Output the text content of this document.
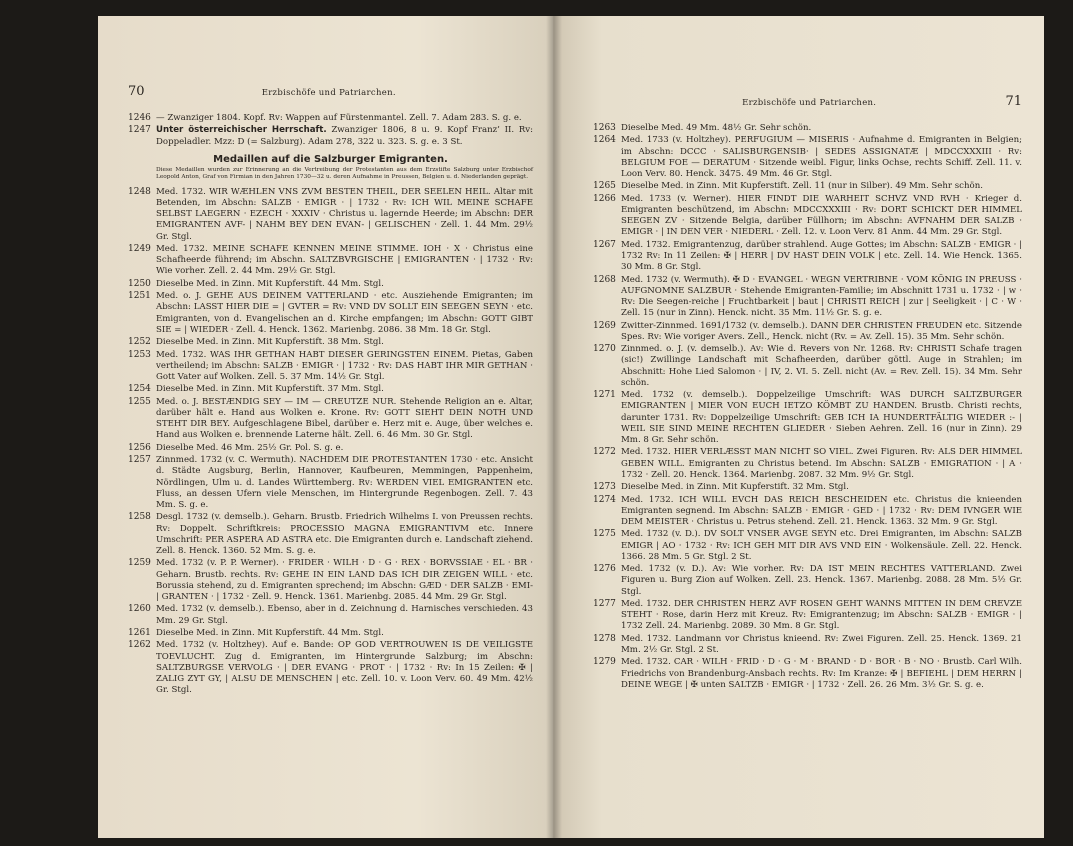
70	Erzbischöfe und Patriarchen.
1246 — Zwanziger 1804. Kopf. Rv: Wappen auf Fürstenmantel. Zell. 7. Adam 283. S. g. e.
1247 Unter österreichischer Herrschaft. Zwanziger 1806, 8 u. 9. Kopf Franz’ II. Rv: Doppeladler. Mzz: D (= Salzburg). Adam 278, 322 u. 323. S. g. e. 3 St.
Medaillen auf die Salzburger Emigranten.
Diese Medaillen wurden zur Erinnerung an die Vertreibung der Protestanten aus dem Erzstifte Salzburg unter Erzbischof Leopold Anton, Graf von Firmian in den Jahren 1730—32 u. deren Aufnahme in Preussen, Belgien u. d. Niederlanden geprägt.
1248 Med. 1732. WIR WÆHLEN VNS ZVM BESTEN THEIL, DER SEELEN HEIL. Altar mit Betenden, im Abschn: SALZB · EMIGR · | 1732 · Rv: ICH WIL MEINE SCHAFE SELBST LAEGERN · EZECH · XXXIV · Christus u. lagernde Heerde; im Abschn: DER EMIGRANTEN AVF- | NAHM BEY DEN EVAN- | GELISCHEN · Zell. 1. 44 Mm. 29½ Gr. Stgl.
1249 Med. 1732. MEINE SCHAFE KENNEN MEINE STIMME. IOH · X · Christus eine Schafheerde führend; im Abschn. SALTZBVRGISCHE | EMIGRANTEN · | 1732 · Rv: Wie vorher. Zell. 2. 44 Mm. 29½ Gr. Stgl.
1250 Dieselbe Med. in Zinn. Mit Kupferstift. 44 Mm. Stgl.
1251 Med. o. J. GEHE AUS DEINEM VATTERLAND · etc. Ausziehende Emigranten; im Abschn: LASST HIER DIE = | GVTER = Rv: VND DV SOLLT EIN SEEGEN SEYN · etc. Emigranten, von d. Evangelischen an d. Kirche empfangen; im Abschn: GOTT GIBT SIE = | WIEDER · Zell. 4. Henck. 1362. Marienbg. 2086. 38 Mm. 18 Gr. Stgl.
1252 Dieselbe Med. in Zinn. Mit Kupferstift. 38 Mm. Stgl.
1253 Med. 1732. WAS IHR GETHAN HABT DIESER GERINGSTEN EINEM. Pietas, Gaben vertheilend; im Abschn: SALZB · EMIGR · | 1732 · Rv: DAS HABT IHR MIR GETHAN · Gott Vater auf Wolken. Zell. 5. 37 Mm. 14½ Gr. Stgl.
1254 Dieselbe Med. in Zinn. Mit Kupferstift. 37 Mm. Stgl.
1255 Med. o. J. BESTÆNDIG SEY — IM — CREUTZE NUR. Stehende Religion an e. Altar, darüber hält e. Hand aus Wolken e. Krone. Rv: GOTT SIEHT DEIN NOTH UND STEHT DIR BEY. Aufgeschlagene Bibel, darüber e. Herz mit e. Auge, über welches e. Hand aus Wolken e. brennende Laterne hält. Zell. 6. 46 Mm. 30 Gr. Stgl.
1256 Dieselbe Med. 46 Mm. 25½ Gr. Pol. S. g. e.
1257 Zinnmed. 1732 (v. C. Wermuth). NACHDEM DIE PROTESTANTEN 1730 · etc. Ansicht d. Städte Augsburg, Berlin, Hannover, Kaufbeuren, Memmingen, Pappenheim, Nördlingen, Ulm u. d. Landes Württemberg. Rv: WERDEN VIEL EMIGRANTEN etc. Fluss, an dessen Ufern viele Menschen, im Hintergrunde Regenbogen. Zell. 7. 43 Mm. S. g. e.
1258 Desgl. 1732 (v. demselb.). Geharn. Brustb. Friedrich Wilhelms I. von Preussen rechts. Rv: Doppelt. Schriftkreis: PROCESSIO MAGNA EMIGRANTIVM etc. Innere Umschrift: PER ASPERA AD ASTRA etc. Die Emigranten durch e. Landschaft ziehend. Zell. 8. Henck. 1360. 52 Mm. S. g. e.
1259 Med. 1732 (v. P. P. Werner). · FRIDER · WILH · D · G · REX · BORVSSIAE · EL · BR · Geharn. Brustb. rechts. Rv: GEHE IN EIN LAND DAS ICH DIR ZEIGEN WILL · etc. Borussia stehend, zu d. Emigranten sprechend; im Abschn: GÆD · DER SALZB · EMI- | GRANTEN · | 1732 · Zell. 9. Henck. 1361. Marienbg. 2085. 44 Mm. 29 Gr. Stgl.
1260 Med. 1732 (v. demselb.). Ebenso, aber in d. Zeichnung d. Harnisches verschieden. 43 Mm. 29 Gr. Stgl.
1261 Dieselbe Med. in Zinn. Mit Kupferstift. 44 Mm. Stgl.
1262 Med. 1732 (v. Holtzhey). Auf e. Bande: OP GOD VERTROUWEN IS DE VEILIGSTE TOEVLUCHT. Zug d. Emigranten, im Hintergrunde Salzburg; im Abschn: SALTZBURGSE VERVOLG · | DER EVANG · PROT · | 1732 · Rv: In 15 Zeilen: ✠ | ZALIG ZYT GY, | ALSU DE MENSCHEN | etc. Zell. 10. v. Loon Verv. 60. 49 Mm. 42½ Gr. Stgl.
Erzbischöfe und Patriarchen.	71
1263 Dieselbe Med. 49 Mm. 48½ Gr. Sehr schön.
1264 Med. 1733 (v. Holtzhey). PERFUGIUM — MISERIS · Aufnahme d. Emigranten in Belgien; im Abschn: DCCC · SALISBURGENSIB· | SEDES ASSIGNATÆ | MDCCXXXIII · Rv: BELGIUM FOE — DERATUM · Sitzende weibl. Figur, links Ochse, rechts Schiff. Zell. 11. v. Loon Verv. 80. Henck. 3475. 49 Mm. 46 Gr. Stgl.
1265 Dieselbe Med. in Zinn. Mit Kupferstift. Zell. 11 (nur in Silber). 49 Mm. Sehr schön.
1266 Med. 1733 (v. Werner). HIER FINDT DIE WARHEIT SCHVZ VND RVH · Krieger d. Emigranten beschützend, im Abschn: MDCCXXXIII · Rv: DORT SCHICKT DER HIMMEL SEEGEN ZV · Sitzende Belgia, darüber Füllhorn; im Abschn: AVFNAHM DER SALZB · EMIGR · | IN DEN VER · NIEDERL · Zell. 12. v. Loon Verv. 81 Anm. 44 Mm. 29 Gr. Stgl.
1267 Med. 1732. Emigrantenzug, darüber strahlend. Auge Gottes; im Abschn: SALZB · EMIGR · | 1732 Rv: In 11 Zeilen: ✠ | HERR | DV HAST DEIN VOLK | etc. Zell. 14. Wie Henck. 1365. 30 Mm. 8 Gr. Stgl.
1268 Med. 1732 (v. Wermuth). ✠ D · EVANGEL · WEGN VERTRIBNE · VOM KÖNIG IN PREUSS · AUFGNOMNE SALZBUR · Stehende Emigranten-Familie; im Abschnitt 1731 u. 1732 · | w · Rv: Die Seegen-reiche | Fruchtbarkeit | baut | CHRISTI REICH | zur | Seeligkeit · | C · W · Zell. 15 (nur in Zinn). Henck. nicht. 35 Mm. 11½ Gr. S. g. e.
1269 Zwitter-Zinnmed. 1691/1732 (v. demselb.). DANN DER CHRISTEN FREUDEN etc. Sitzende Spes. Rv: Wie voriger Avers. Zell., Henck. nicht (Rv. = Av. Zell. 15). 35 Mm. Sehr schön.
1270 Zinnmed. o. J. (v. demselb.). Av: Wie d. Revers von Nr. 1268. Rv: CHRISTI Schafe tragen (sic!) Zwillinge Landschaft mit Schafheerden, darüber göttl. Auge in Strahlen; im Abschnitt: Hohe Lied Salomon · | IV, 2. VI. 5. Zell. nicht (Av. = Rev. Zell. 15). 34 Mm. Sehr schön.
1271 Med. 1732 (v. demselb.). Doppelzeilige Umschrift: WAS DURCH SALTZBURGER EMIGRANTEN | MIER VON EUCH IETZO KÖMBT ZU HANDEN. Brustb. Christi rechts, darunter 1731. Rv: Doppelzeilige Umschrift: GEB ICH IA HUNDERTFÄLTIG WIEDER :- | WEIL SIE SIND MEINE RECHTEN GLIEDER · Sieben Aehren. Zell. 16 (nur in Zinn). 29 Mm. 8 Gr. Sehr schön.
1272 Med. 1732. HIER VERLÆSST MAN NICHT SO VIEL. Zwei Figuren. Rv: ALS DER HIMMEL GEBEN WILL. Emigranten zu Christus betend. Im Abschn: SALZB · EMIGRATION · | A · 1732 · Zell. 20. Henck. 1364. Marienbg. 2087. 32 Mm. 9½ Gr. Stgl.
1273 Dieselbe Med. in Zinn. Mit Kupferstift. 32 Mm. Stgl.
1274 Med. 1732. ICH WILL EVCH DAS REICH BESCHEIDEN etc. Christus die knieenden Emigranten segnend. Im Abschn: SALZB · EMIGR · GED · | 1732 · Rv: DEM IVNGER WIE DEM MEISTER · Christus u. Petrus stehend. Zell. 21. Henck. 1363. 32 Mm. 9 Gr. Stgl.
1275 Med. 1732 (v. D.). DV SOLT VNSER AVGE SEYN etc. Drei Emigranten, im Abschn: SALZB EMIGR | AO · 1732 · Rv: ICH GEH MIT DIR AVS VND EIN · Wolkensäule. Zell. 22. Henck. 1366. 28 Mm. 5 Gr. Stgl. 2 St.
1276 Med. 1732 (v. D.). Av: Wie vorher. Rv: DA IST MEIN RECHTES VATTERLAND. Zwei Figuren u. Burg Zion auf Wolken. Zell. 23. Henck. 1367. Marienbg. 2088. 28 Mm. 5½ Gr. Stgl.
1277 Med. 1732. DER CHRISTEN HERZ AVF ROSEN GEHT WANNS MITTEN IN DEM CREVZE STEHT · Rose, darin Herz mit Kreuz. Rv: Emigrantenzug; im Abschn: SALZB · EMIGR · | 1732 Zell. 24. Marienbg. 2089. 30 Mm. 8 Gr. Stgl.
1278 Med. 1732. Landmann vor Christus knieend. Rv: Zwei Figuren. Zell. 25. Henck. 1369. 21 Mm. 2½ Gr. Stgl. 2 St.
1279 Med. 1732. CAR · WILH · FRID · D · G · M · BRAND · D · BOR · B · NO · Brustb. Carl Wilh. Friedrichs von Brandenburg-Ansbach rechts. Rv: Im Kranze: ✠ | BEFIEHL | DEM HERRN | DEINE WEGE | ✠ unten SALTZB · EMIGR · | 1732 · Zell. 26. 26 Mm. 3½ Gr. S. g. e.
